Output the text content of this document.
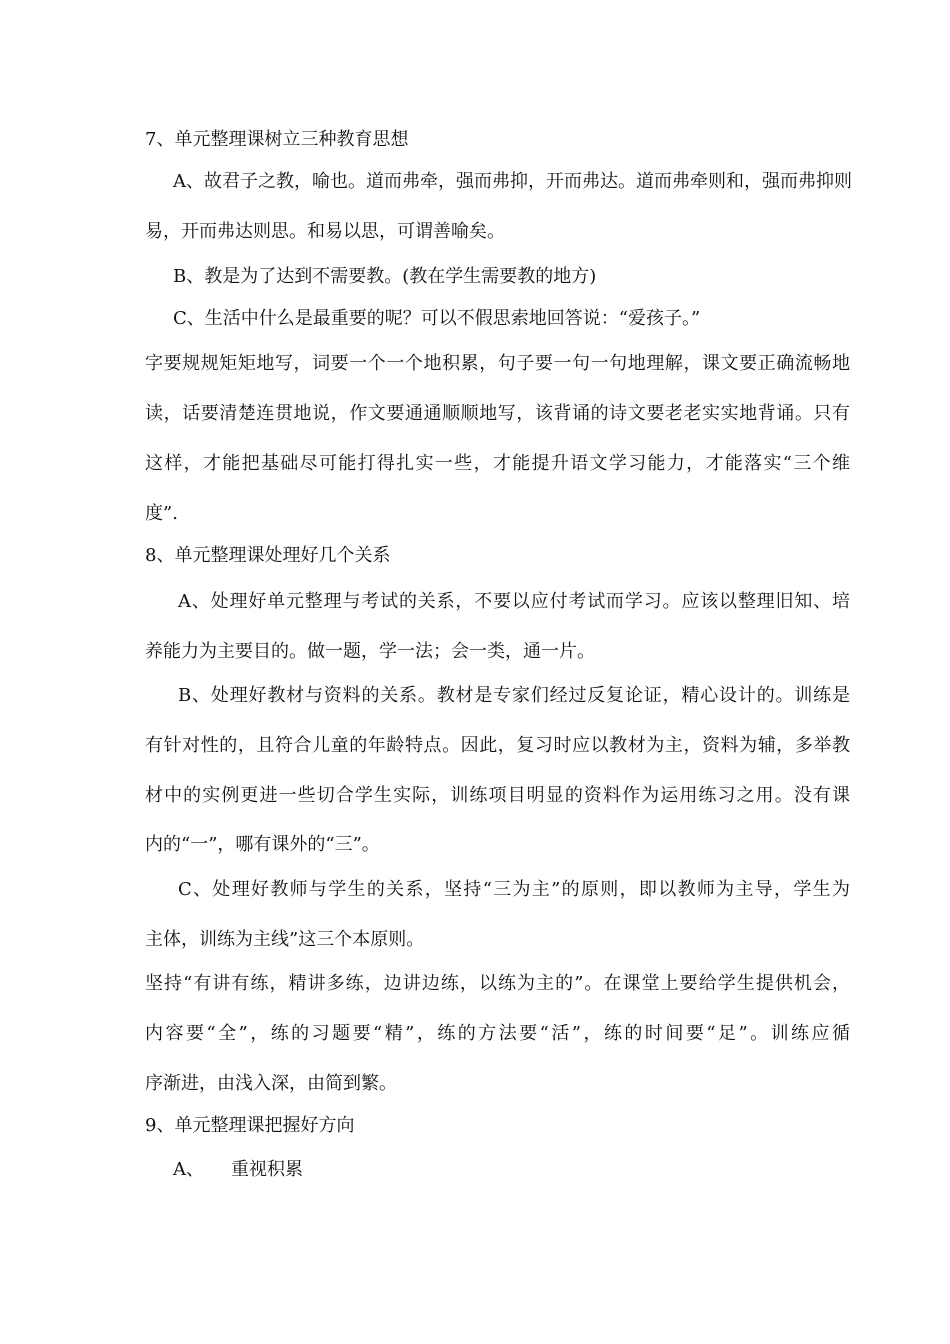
7、单元整理课树立三种教育思想
A、故君子之教，喻也。道而弗牵，强而弗抑，开而弗达。道而弗牵则和，强而弗抑则
易，开而弗达则思。和易以思，可谓善喻矣。
B、教是为了达到不需要教。(教在学生需要教的地方)
C、生活中什么是最重要的呢？可以不假思索地回答说：“爱孩子。”
字要规规矩矩地写，词要一个一个地积累，句子要一句一句地理解，课文要正确流畅地
读，话要清楚连贯地说，作文要通通顺顺地写，该背诵的诗文要老老实实地背诵。只有
这样，才能把基础尽可能打得扎实一些，才能提升语文学习能力，才能落实“三个维
度”.
8、单元整理课处理好几个关系
A、处理好单元整理与考试的关系，不要以应付考试而学习。应该以整理旧知、培
养能力为主要目的。做一题，学一法；会一类，通一片。
B、处理好教材与资料的关系。教材是专家们经过反复论证，精心设计的。训练是
有针对性的，且符合儿童的年龄特点。因此，复习时应以教材为主，资料为辅，多举教
材中的实例更进一些切合学生实际，训练项目明显的资料作为运用练习之用。没有课
内的“一”，哪有课外的“三”。
C、处理好教师与学生的关系，坚持“三为主”的原则，即以教师为主导，学生为
主体，训练为主线”这三个本原则。
坚持“有讲有练，精讲多练，边讲边练，以练为主的”。在课堂上要给学生提供机会，
内容要“全”，练的习题要“精”，练的方法要“活”，练的时间要“足”。训练应循
序渐进，由浅入深，由简到繁。
9、单元整理课把握好方向
A、 重视积累
